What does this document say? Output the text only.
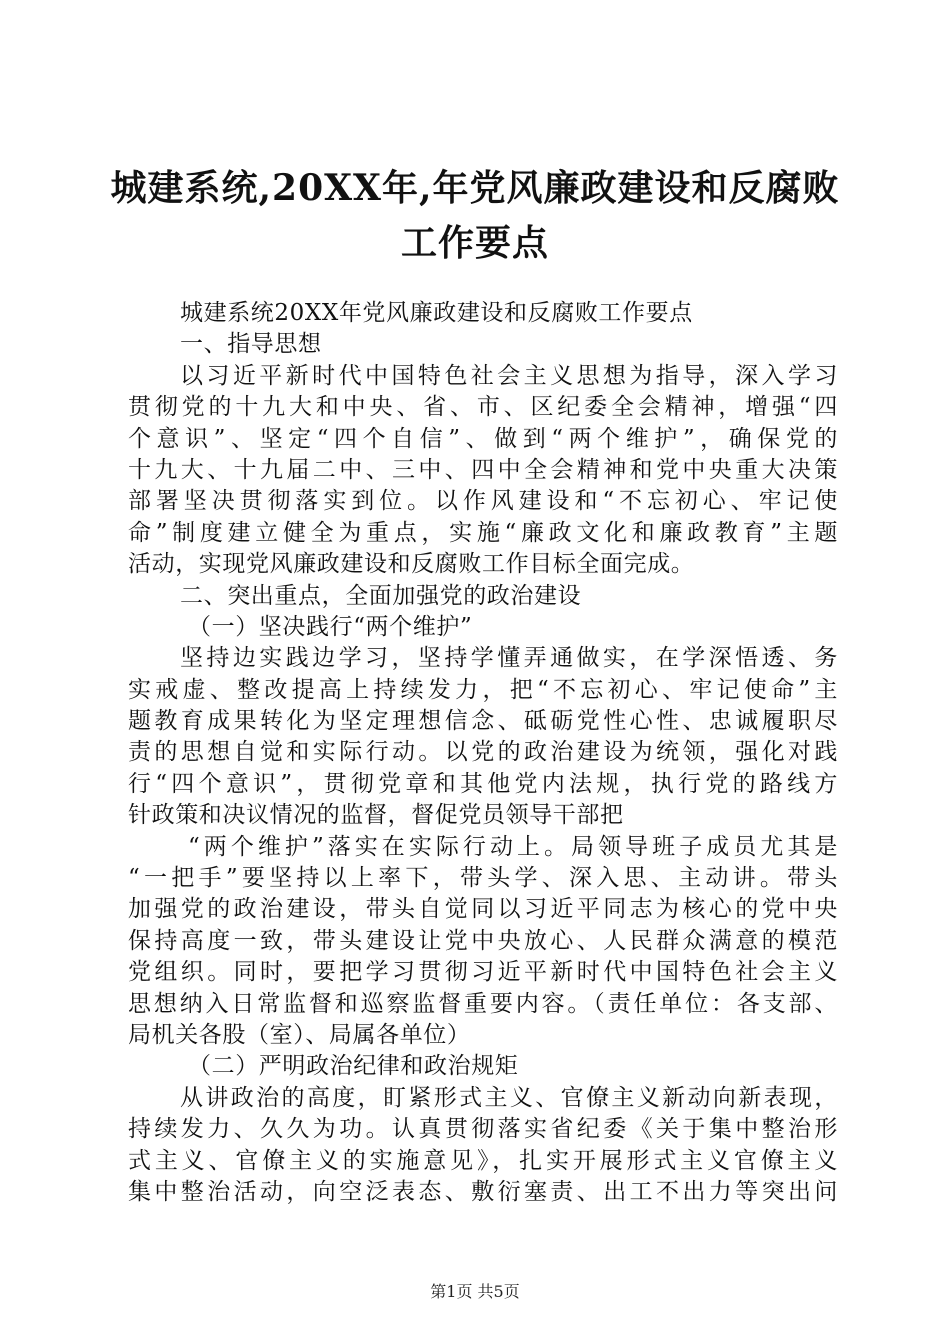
城建系统,20XX年,年党风廉政建设和反腐败
工作要点
城建系统20XX年党风廉政建设和反腐败工作要点
一、指导思想
以习近平新时代中国特色社会主义思想为指导，深入学习
贯彻党的十九大和中央、省、市、区纪委全会精神，增强“四
个意识”、坚定“四个自信”、做到“两个维护”，确保党的
十九大、十九届二中、三中、四中全会精神和党中央重大决策
部署坚决贯彻落实到位。以作风建设和“不忘初心、牢记使
命”制度建立健全为重点，实施“廉政文化和廉政教育”主题
活动，实现党风廉政建设和反腐败工作目标全面完成。
二、突出重点，全面加强党的政治建设
（一）坚决践行“两个维护”
坚持边实践边学习，坚持学懂弄通做实，在学深悟透、务
实戒虚、整改提高上持续发力，把“不忘初心、牢记使命”主
题教育成果转化为坚定理想信念、砥砺党性心性、忠诚履职尽
责的思想自觉和实际行动。以党的政治建设为统领，强化对践
行“四个意识”，贯彻党章和其他党内法规，执行党的路线方
针政策和决议情况的监督，督促党员领导干部把
“两个维护”落实在实际行动上。局领导班子成员尤其是
“一把手”要坚持以上率下，带头学、深入思、主动讲。带头
加强党的政治建设，带头自觉同以习近平同志为核心的党中央
保持高度一致，带头建设让党中央放心、人民群众满意的模范
党组织。同时，要把学习贯彻习近平新时代中国特色社会主义
思想纳入日常监督和巡察监督重要内容。（责任单位：各支部、
局机关各股（室）、局属各单位）
（二）严明政治纪律和政治规矩
从讲政治的高度，盯紧形式主义、官僚主义新动向新表现，
持续发力、久久为功。认真贯彻落实省纪委《关于集中整治形
式主义、官僚主义的实施意见》，扎实开展形式主义官僚主义
集中整治活动，向空泛表态、敷衍塞责、出工不出力等突出问
第1页 共5页
